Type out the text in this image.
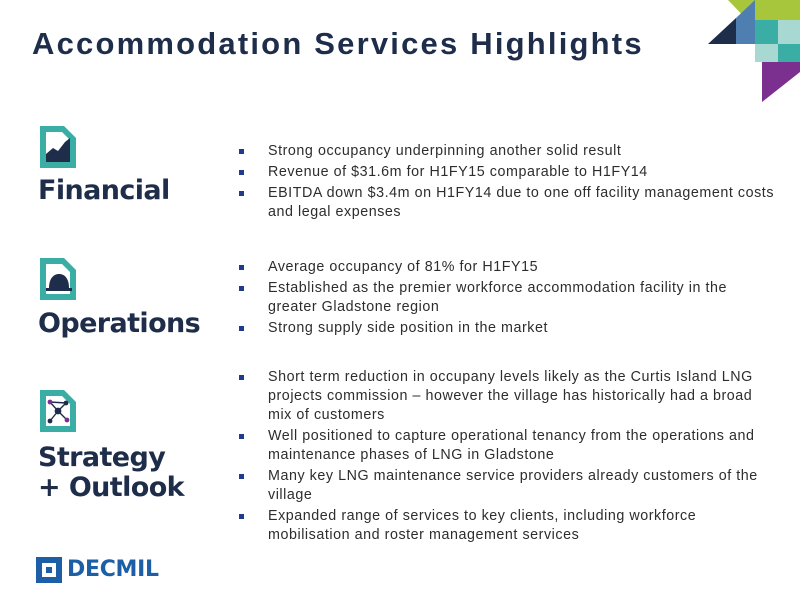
Accommodation Services Highlights
Financial
Strong occupancy underpinning another solid result
Revenue of $31.6m for H1FY15 comparable to H1FY14
EBITDA down $3.4m on H1FY14 due to one off facility management costs and legal expenses
Operations
Average occupancy of 81% for H1FY15
Established as the premier workforce accommodation facility in the greater Gladstone region
Strong supply side position in the market
Strategy
+ Outlook
Short term reduction in occupany levels likely as the Curtis Island LNG projects commission – however the village has historically had a broad mix of customers
Well positioned to capture operational tenancy from the operations and maintenance phases of LNG in Gladstone
Many key LNG maintenance service providers already customers of the village
Expanded range of services to key clients, including workforce mobilisation and roster management services
DECMIL
